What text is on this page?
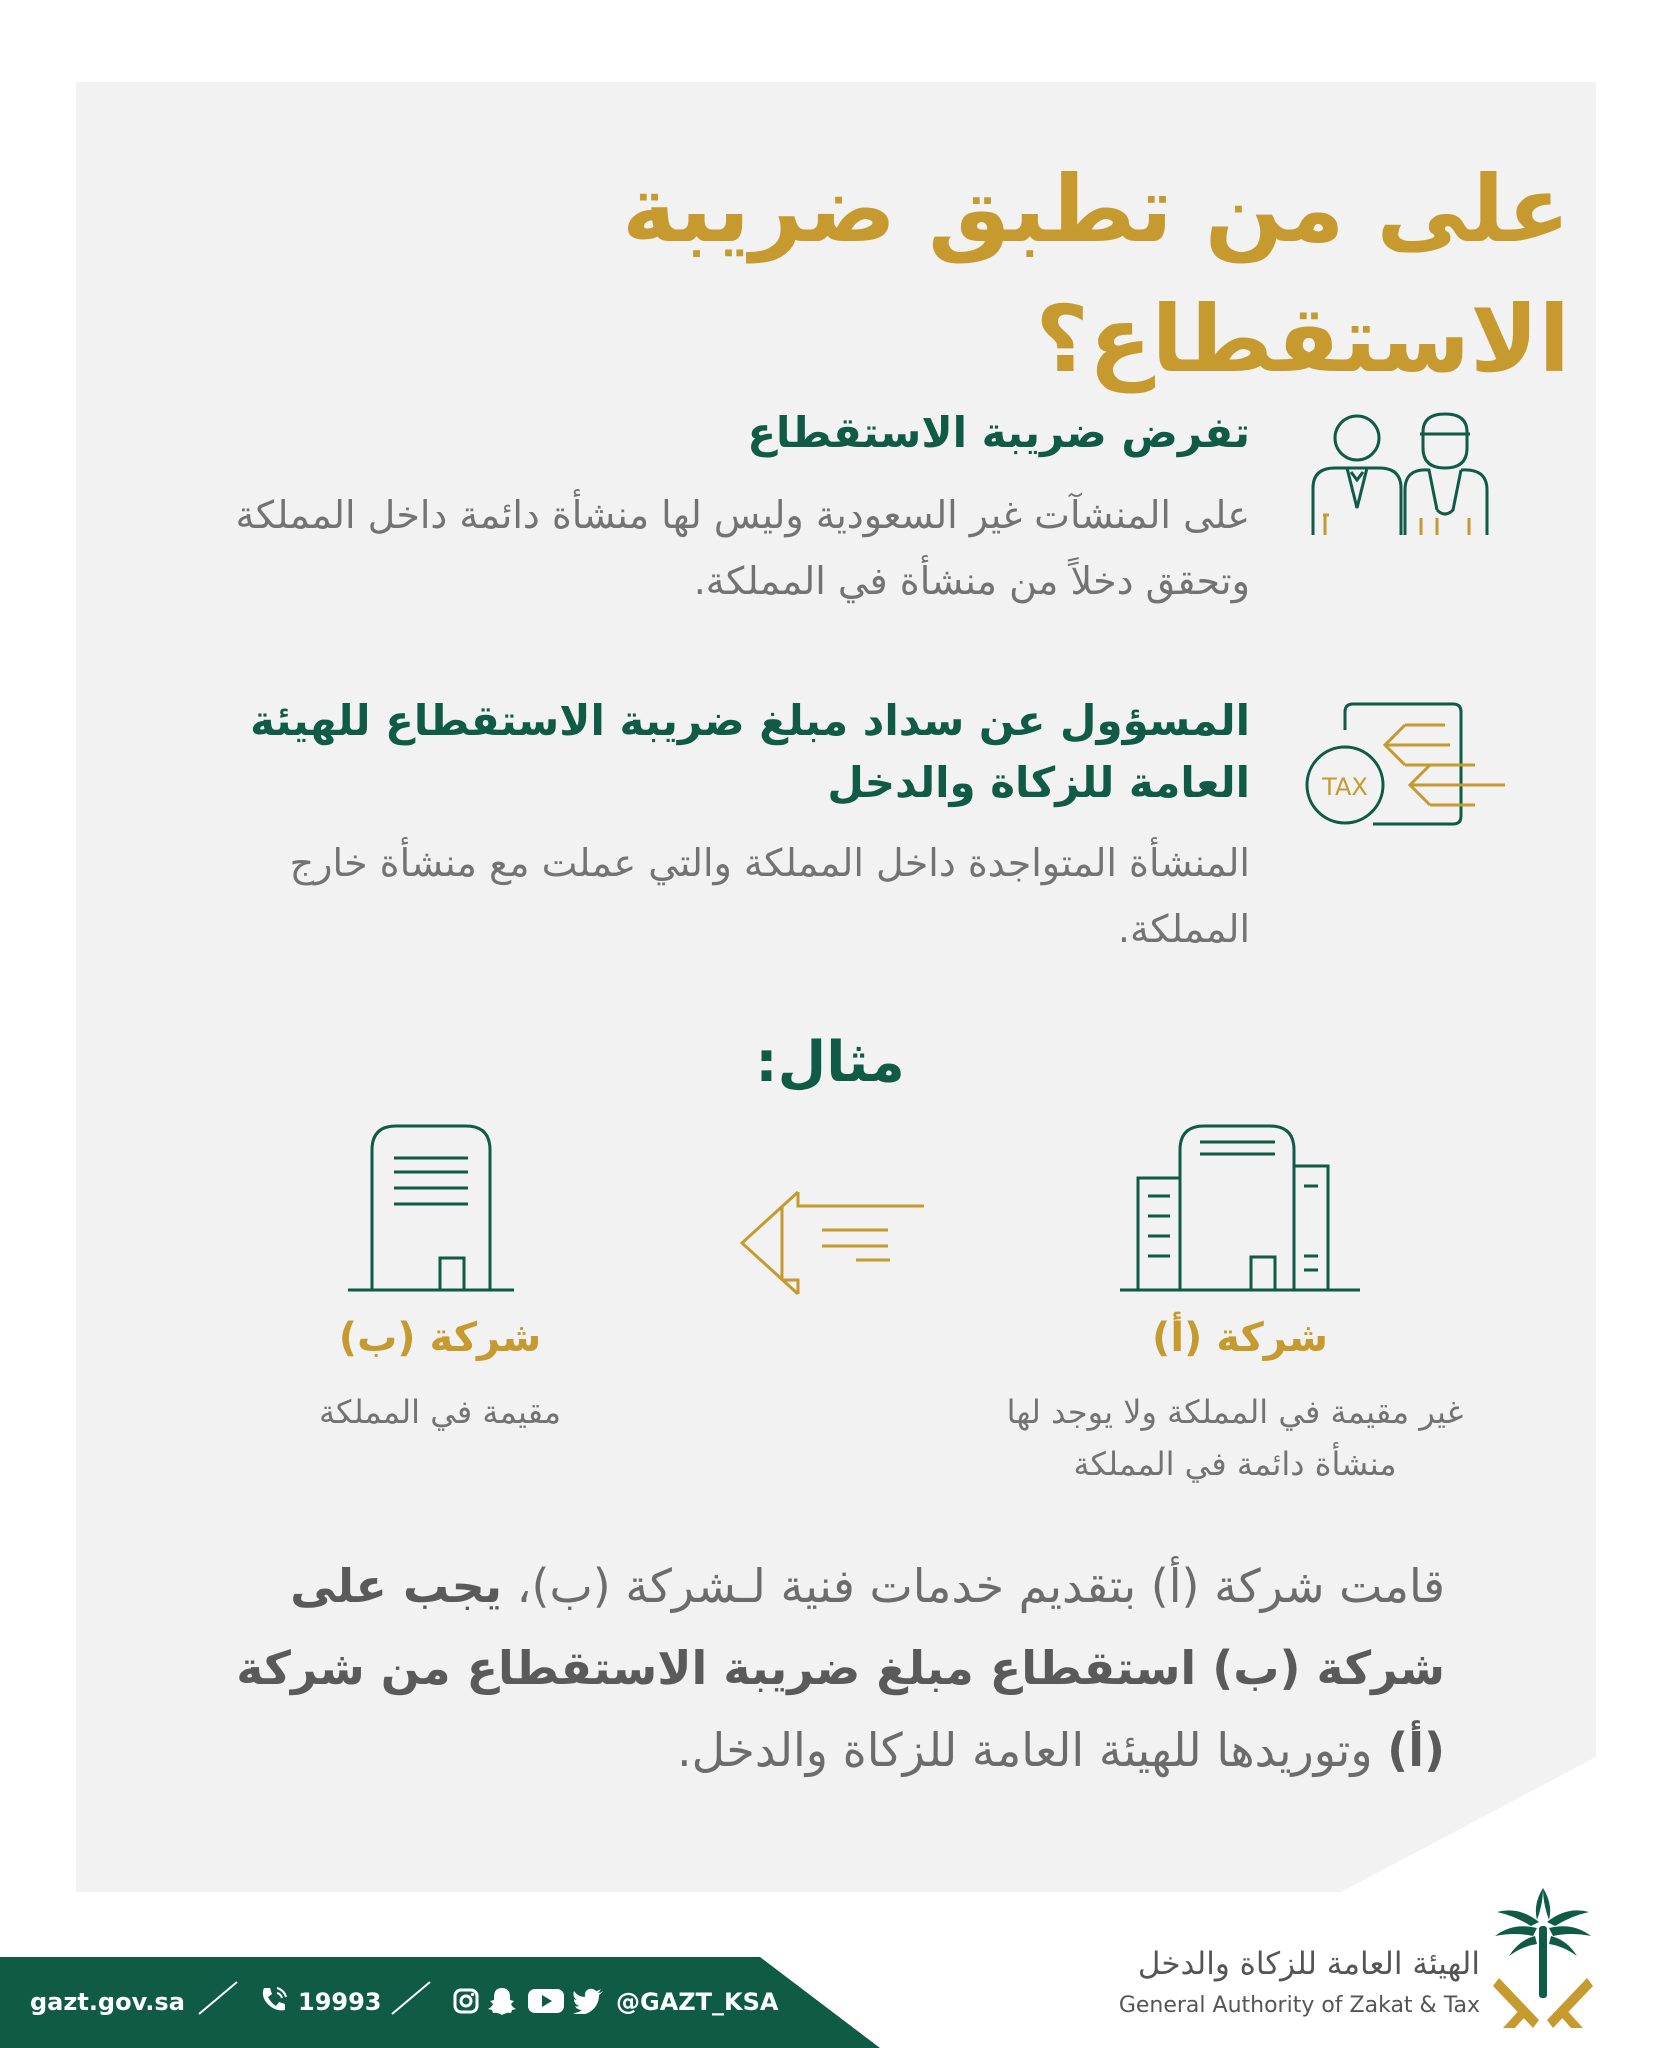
على من تطبق ضريبة الاستقطاع؟
تفرض ضريبة الاستقطاع

على المنشآت غير السعودية وليس لها منشأة دائمة داخل المملكة وتحقق دخلاً من منشأة في المملكة.

TAX
المسؤول عن سداد مبلغ ضريبة الاستقطاع للهيئة العامة للزكاة والدخل

المنشأة المتواجدة داخل المملكة والتي عملت مع منشأة خارج المملكة.

مثال:
شركة (أ)

غير مقيمة في المملكة ولا يوجد لها منشأة دائمة في المملكة

شركة (ب)

مقيمة في المملكة

قامت شركة (أ) بتقديم خدمات فنية لـشركة (ب)، يجب على شركة (ب) استقطاع مبلغ ضريبة الاستقطاع من شركة (أ) وتوريدها للهيئة العامة للزكاة والدخل.

gazt.gov.sa	19993	@GAZT_KSA

الهيئة العامة للزكاة والدخل

General Authority of Zakat & Tax
